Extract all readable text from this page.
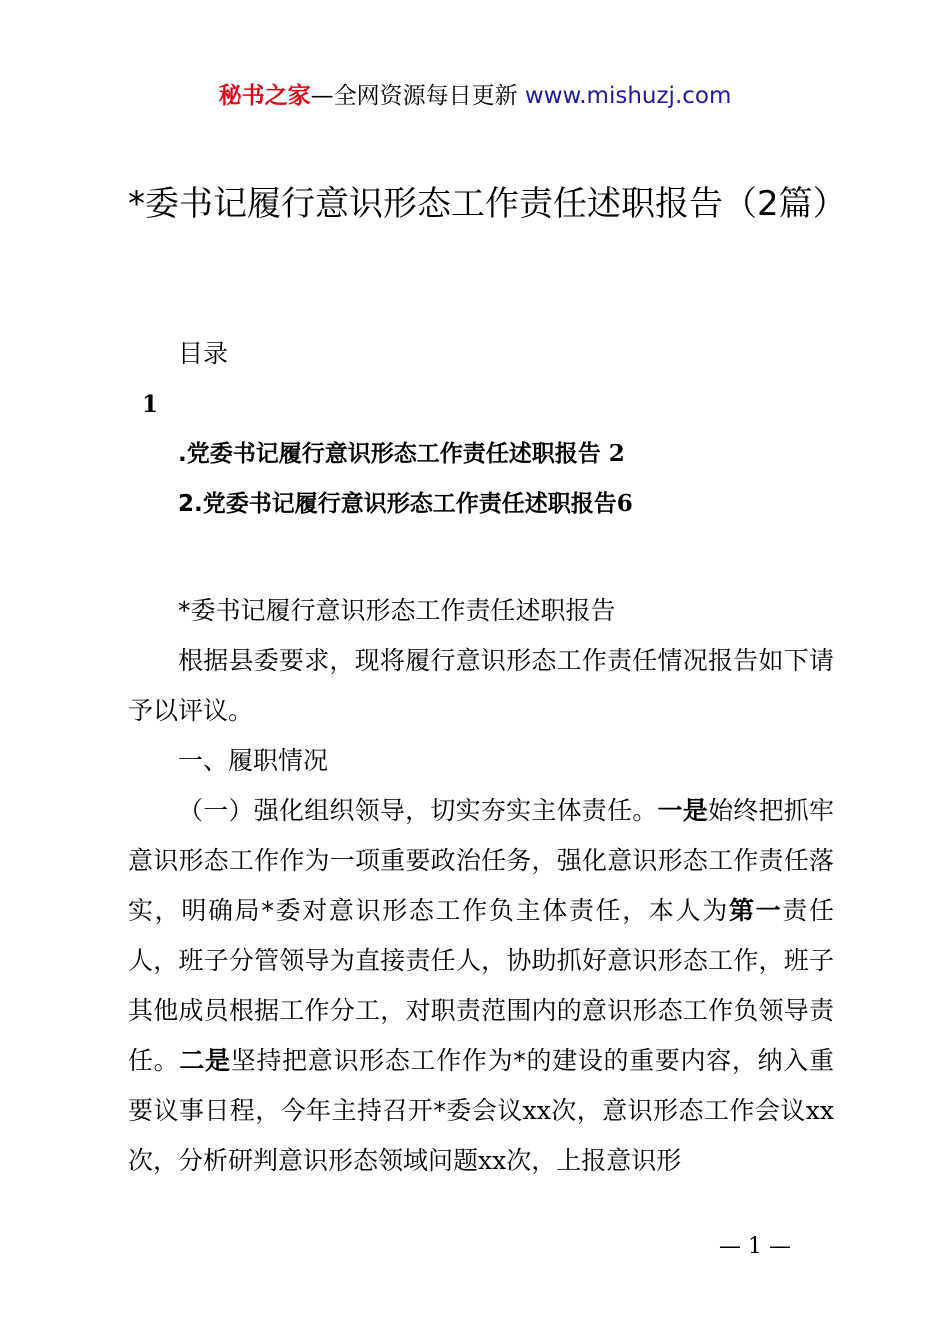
秘书之家—全网资源每日更新 www.mishuzj.com
*委书记履行意识形态工作责任述职报告（2篇）
目录
1
.党委书记履行意识形态工作责任述职报告 2
2.党委书记履行意识形态工作责任述职报告6

*委书记履行意识形态工作责任述职报告

根据县委要求，现将履行意识形态工作责任情况报告如下请予以评议。

一、履职情况

（一）强化组织领导，切实夯实主体责任。一是始终把抓牢意识形态工作作为一项重要政治任务，强化意识形态工作责任落实，明确局*委对意识形态工作负主体责任，本人为第一责任人，班子分管领导为直接责任人，协助抓好意识形态工作，班子其他成员根据工作分工，对职责范围内的意识形态工作负领导责任。二是坚持把意识形态工作作为*的建设的重要内容，纳入重要议事日程，今年主持召开*委会议xx次，意识形态工作会议xx次，分析研判意识形态领域问题xx次，上报意识形

— 1 —
